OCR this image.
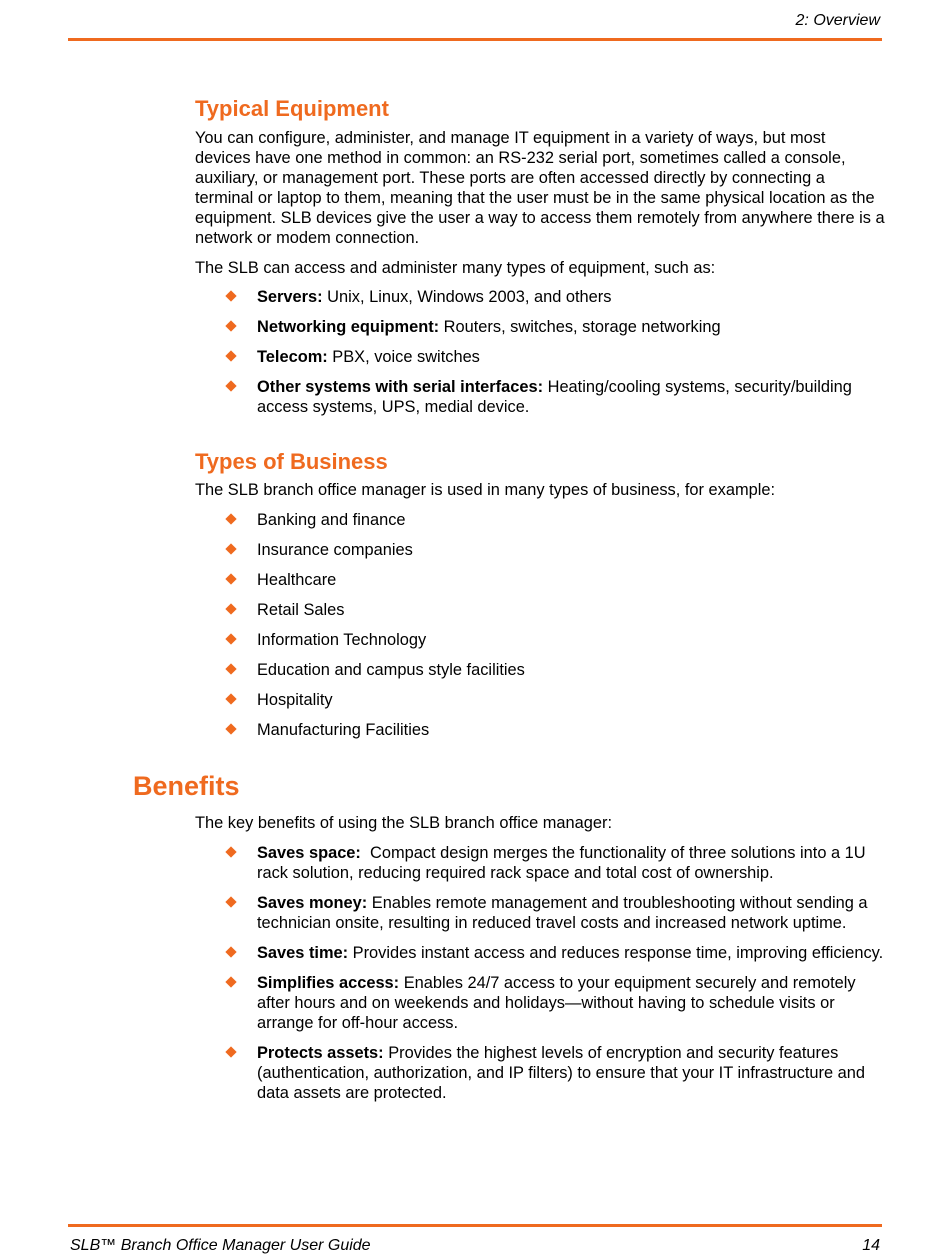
2: Overview
Typical Equipment

You can configure, administer, and manage IT equipment in a variety of ways, but most devices have one method in common: an RS-232 serial port, sometimes called a console, auxiliary, or management port. These ports are often accessed directly by connecting a terminal or laptop to them, meaning that the user must be in the same physical location as the equipment. SLB devices give the user a way to access them remotely from anywhere there is a network or modem connection.

The SLB can access and administer many types of equipment, such as:

Servers: Unix, Linux, Windows 2003, and others
Networking equipment: Routers, switches, storage networking
Telecom: PBX, voice switches
Other systems with serial interfaces: Heating/cooling systems, security/building access systems, UPS, medial device.
Types of Business

The SLB branch office manager is used in many types of business, for example:

Banking and finance
Insurance companies
Healthcare
Retail Sales
Information Technology
Education and campus style facilities
Hospitality
Manufacturing Facilities
Benefits

The key benefits of using the SLB branch office manager:

Saves space:  Compact design merges the functionality of three solutions into a 1U rack solution, reducing required rack space and total cost of ownership.
Saves money: Enables remote management and troubleshooting without sending a technician onsite, resulting in reduced travel costs and increased network uptime.
Saves time: Provides instant access and reduces response time, improving efficiency.
Simplifies access: Enables 24/7 access to your equipment securely and remotely after hours and on weekends and holidays—without having to schedule visits or arrange for off-hour access.
Protects assets: Provides the highest levels of encryption and security features (authentication, authorization, and IP filters) to ensure that your IT infrastructure and data assets are protected.
SLB™ Branch Office Manager User Guide	14
